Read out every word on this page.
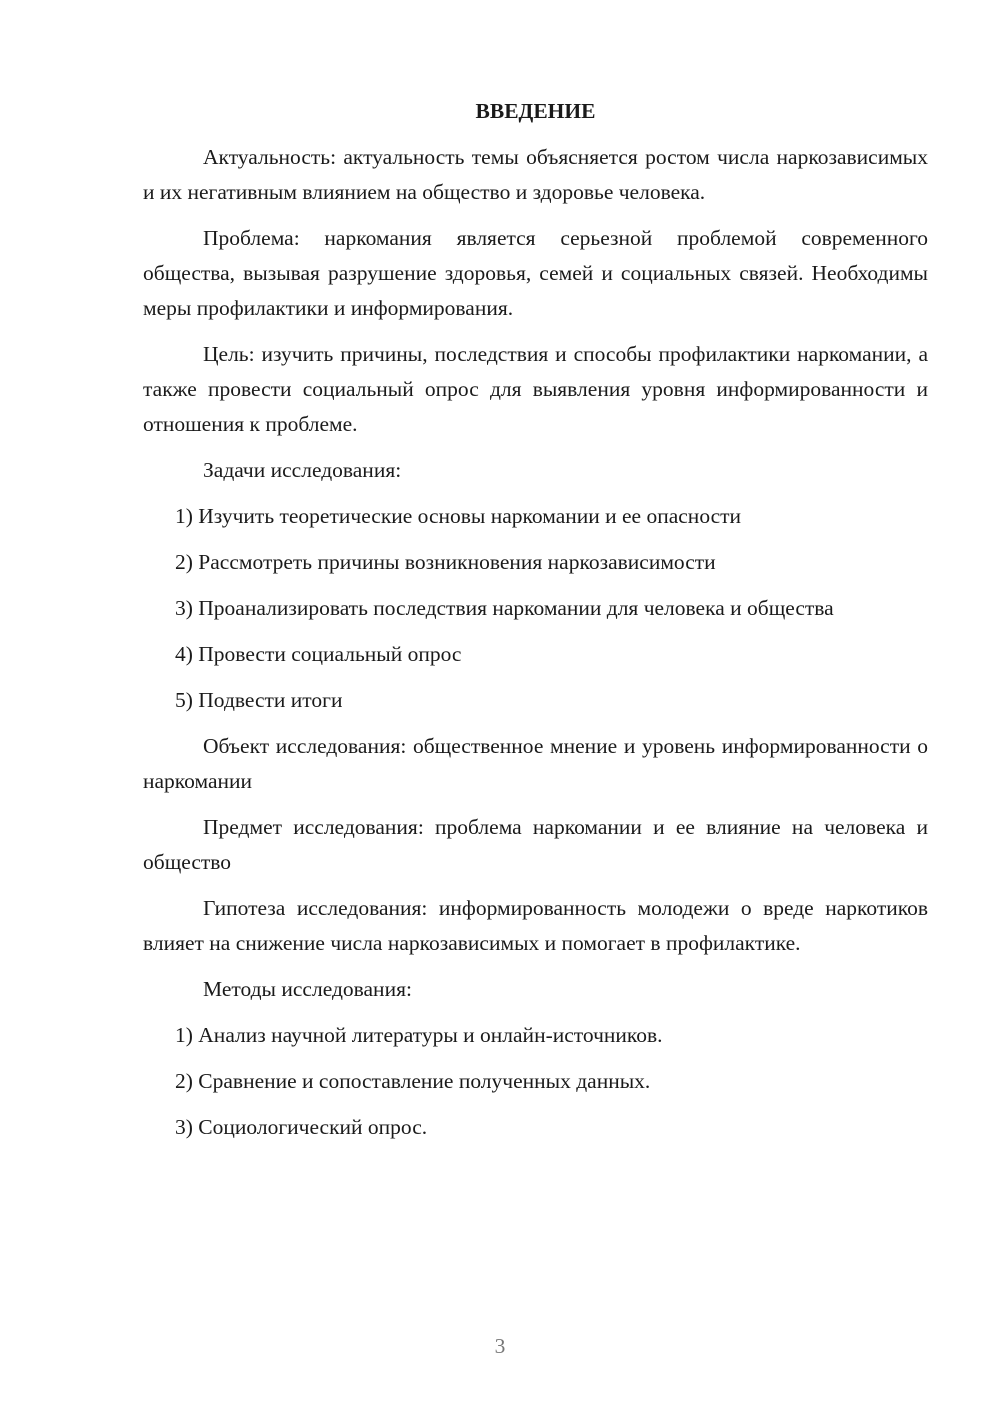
ВВЕДЕНИЕ

Актуальность: актуальность темы объясняется ростом числа наркозависимых и их негативным влиянием на общество и здоровье человека.

Проблема: наркомания является серьезной проблемой современного общества, вызывая разрушение здоровья, семей и социальных связей. Необходимы меры профилактики и информирования.

Цель: изучить причины, последствия и способы профилактики наркомании, а также провести социальный опрос для выявления уровня информированности и отношения к проблеме.

Задачи исследования:

1) Изучить теоретические основы наркомании и ее опасности

2) Рассмотреть причины возникновения наркозависимости

3) Проанализировать последствия наркомании для человека и общества

4) Провести социальный опрос

5) Подвести итоги

Объект исследования: общественное мнение и уровень информированности о наркомании

Предмет исследования: проблема наркомании и ее влияние на человека и общество

Гипотеза исследования: информированность молодежи о вреде наркотиков влияет на снижение числа наркозависимых и помогает в профилактике.

Методы исследования:

1) Анализ научной литературы и онлайн-источников.

2) Сравнение и сопоставление полученных данных.

3) Социологический опрос.

3
